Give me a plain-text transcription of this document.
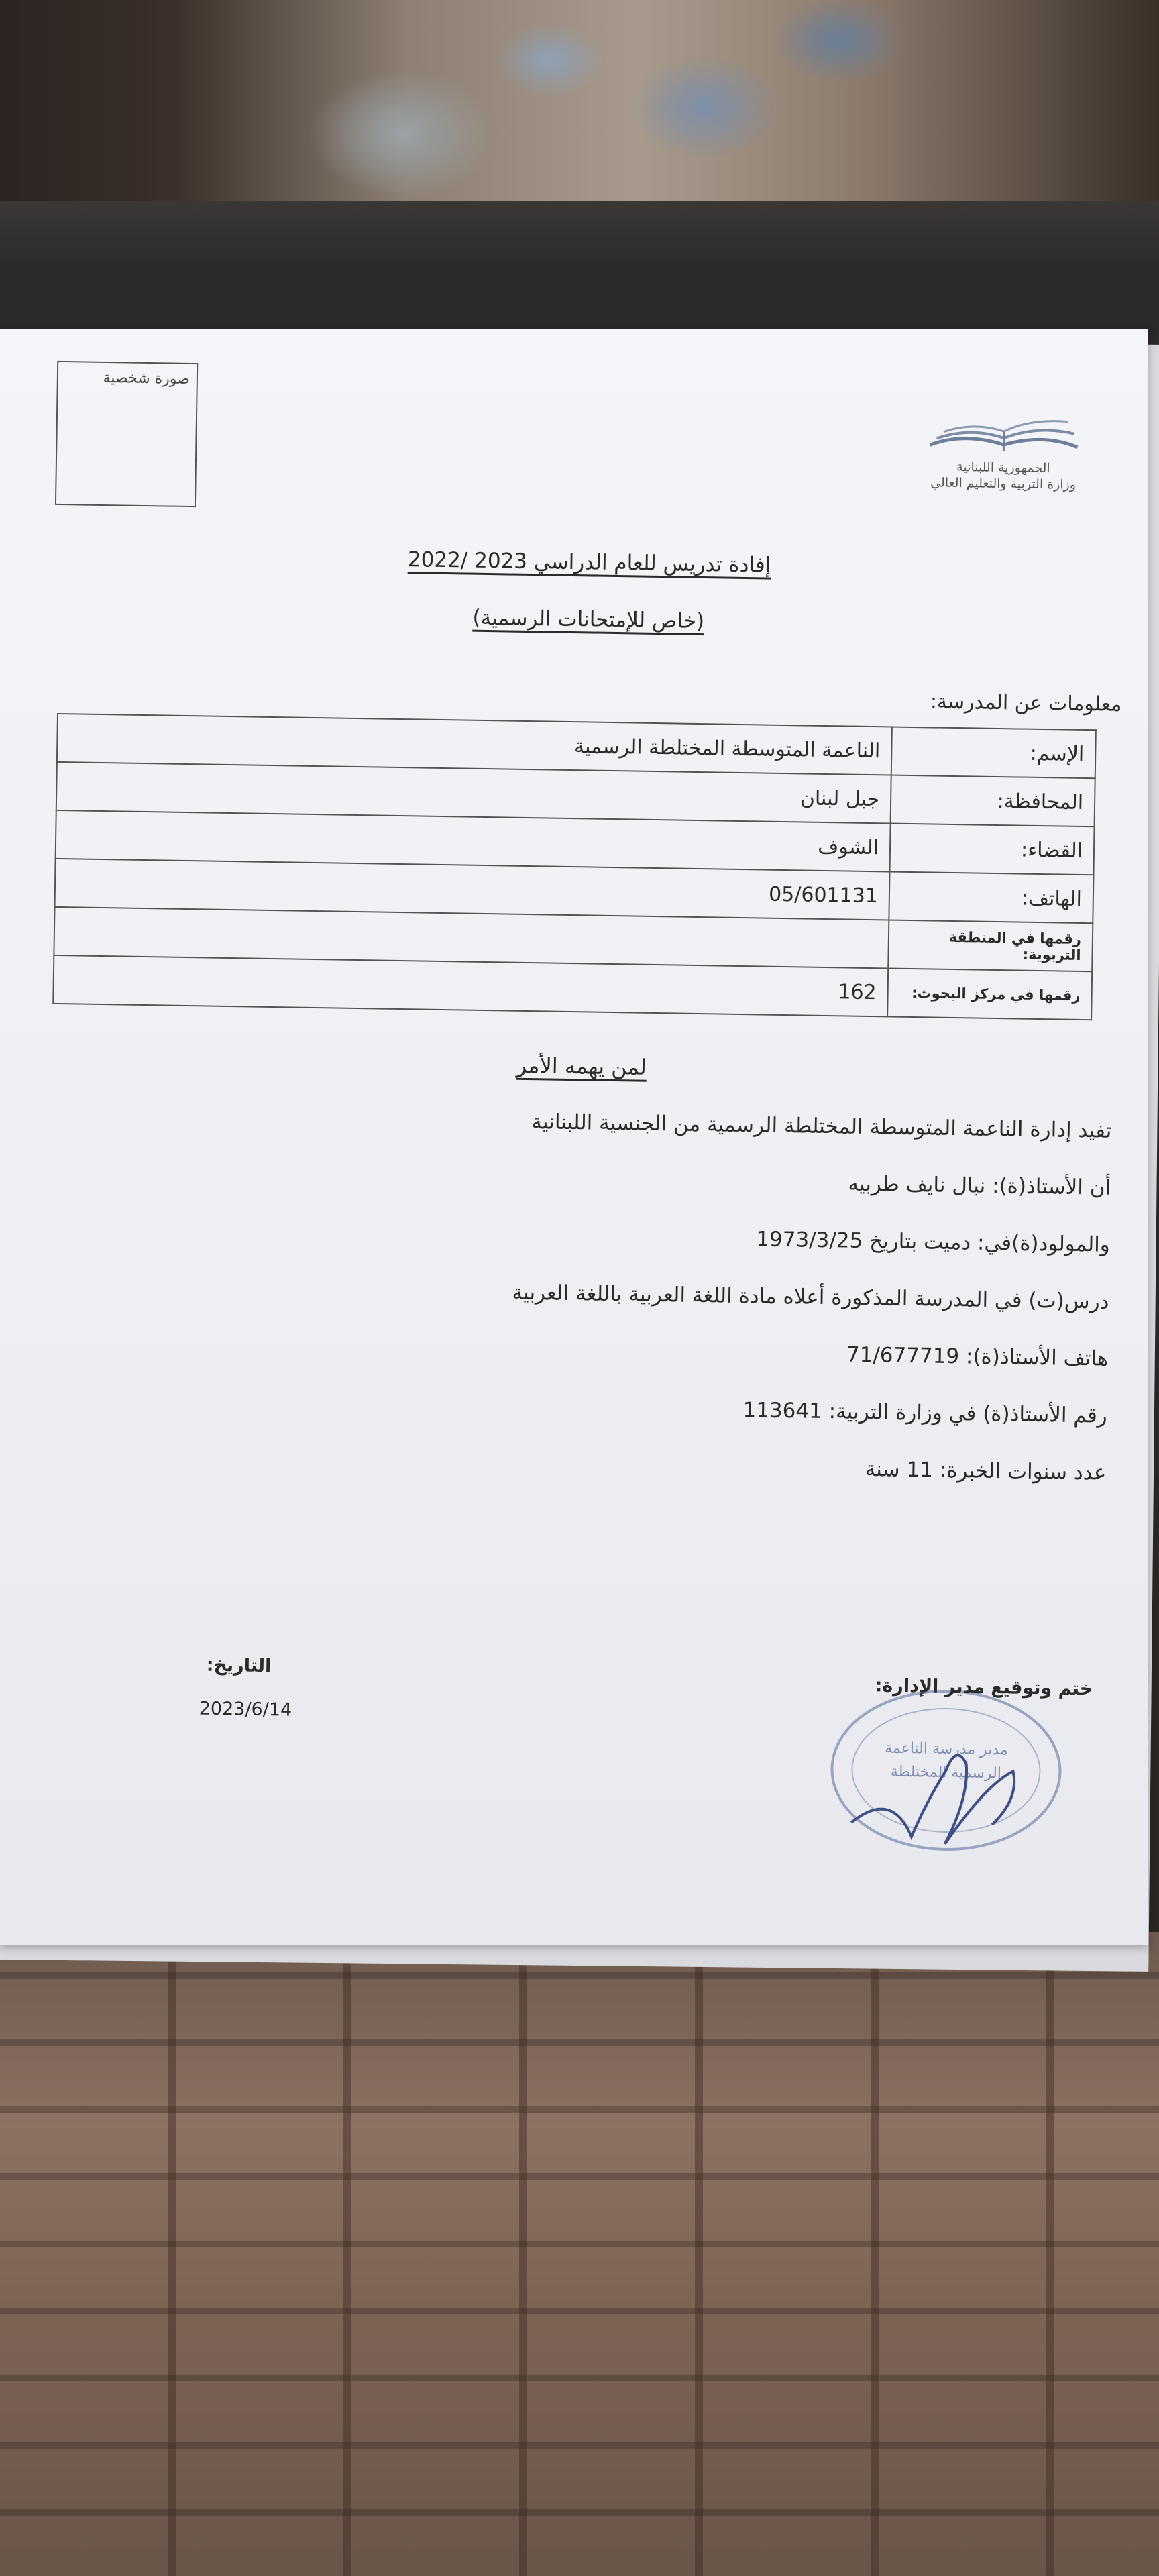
صورة شخصية
الجمهورية اللبنانية
وزارة التربية والتعليم العالي
إفادة تدريس للعام الدراسي 2023 /2022
(خاص للإمتحانات الرسمية)
معلومات عن المدرسة:
الإسم:	الناعمة المتوسطة المختلطة الرسمية
المحافظة:	جبل لبنان
القضاء:	الشوف
الهاتف:	05/601131
رقمها في المنطقة التربوية:	
رقمها في مركز البحوث:	162
لمن يهمه الأمر
تفيد إدارة الناعمة المتوسطة المختلطة الرسمية من الجنسية اللبنانية
أن الأستاذ(ة): نبال نايف طربيه
والمولود(ة)في: دميت بتاريخ 1973/3/25
درس(ت) في المدرسة المذكورة أعلاه مادة اللغة العربية باللغة العربية
هاتف الأستاذ(ة): 71/677719
رقم الأستاذ(ة) في وزارة التربية: 113641
عدد سنوات الخبرة: 11 سنة
التاريخ:
2023/6/14
مدير مدرسة الناعمة
الرسمية المختلطة
ختم وتوقيع مدير الإدارة:
